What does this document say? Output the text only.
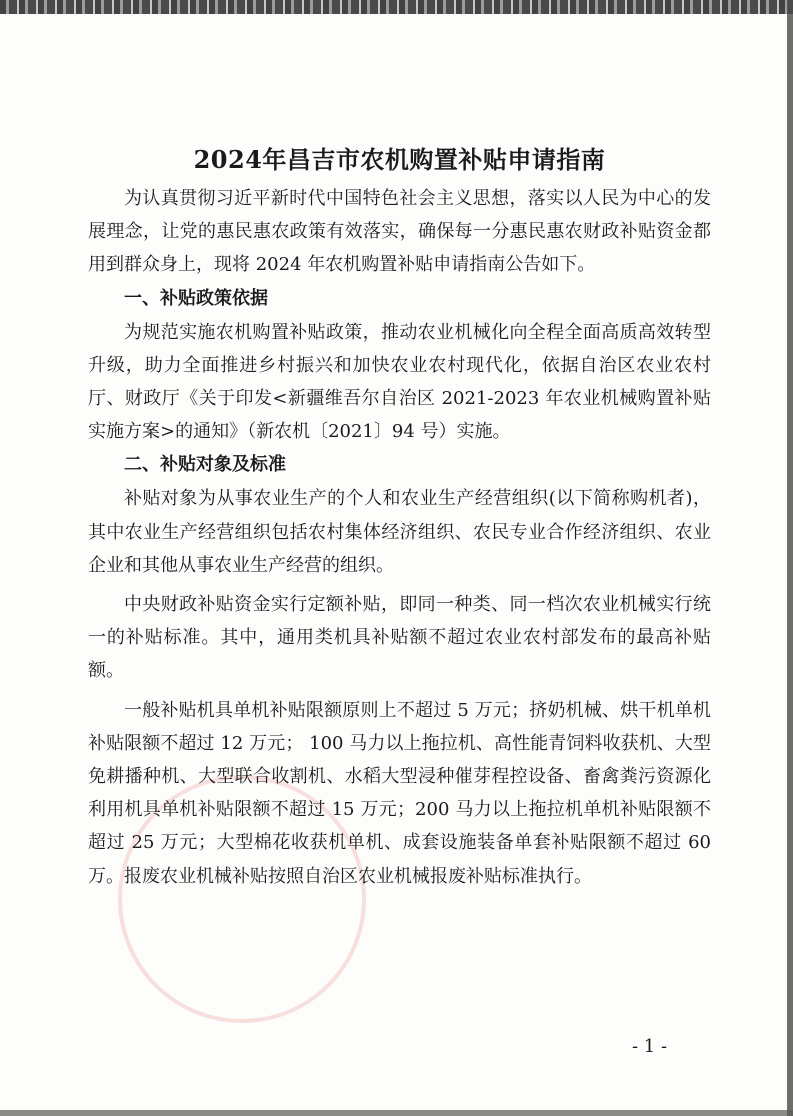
2024年昌吉市农机购置补贴申请指南

为认真贯彻习近平新时代中国特色社会主义思想，落实以人民为中心的发展理念，让党的惠民惠农政策有效落实，确保每一分惠民惠农财政补贴资金都用到群众身上，现将 2024 年农机购置补贴申请指南公告如下。

一、补贴政策依据

为规范实施农机购置补贴政策，推动农业机械化向全程全面高质高效转型升级，助力全面推进乡村振兴和加快农业农村现代化，依据自治区农业农村厅、财政厅《关于印发<新疆维吾尔自治区 2021-2023 年农业机械购置补贴实施方案>的通知》（新农机〔2021〕94 号）实施。

二、补贴对象及标准

补贴对象为从事农业生产的个人和农业生产经营组织(以下简称购机者)，其中农业生产经营组织包括农村集体经济组织、农民专业合作经济组织、农业企业和其他从事农业生产经营的组织。

中央财政补贴资金实行定额补贴，即同一种类、同一档次农业机械实行统一的补贴标准。其中，通用类机具补贴额不超过农业农村部发布的最高补贴额。

一般补贴机具单机补贴限额原则上不超过 5 万元；挤奶机械、烘干机单机补贴限额不超过 12 万元； 100 马力以上拖拉机、高性能青饲料收获机、大型免耕播种机、大型联合收割机、水稻大型浸种催芽程控设备、畜禽粪污资源化利用机具单机补贴限额不超过 15 万元；200 马力以上拖拉机单机补贴限额不超过 25 万元；大型棉花收获机单机、成套设施装备单套补贴限额不超过 60 万。报废农业机械补贴按照自治区农业机械报废补贴标准执行。

- 1 -
